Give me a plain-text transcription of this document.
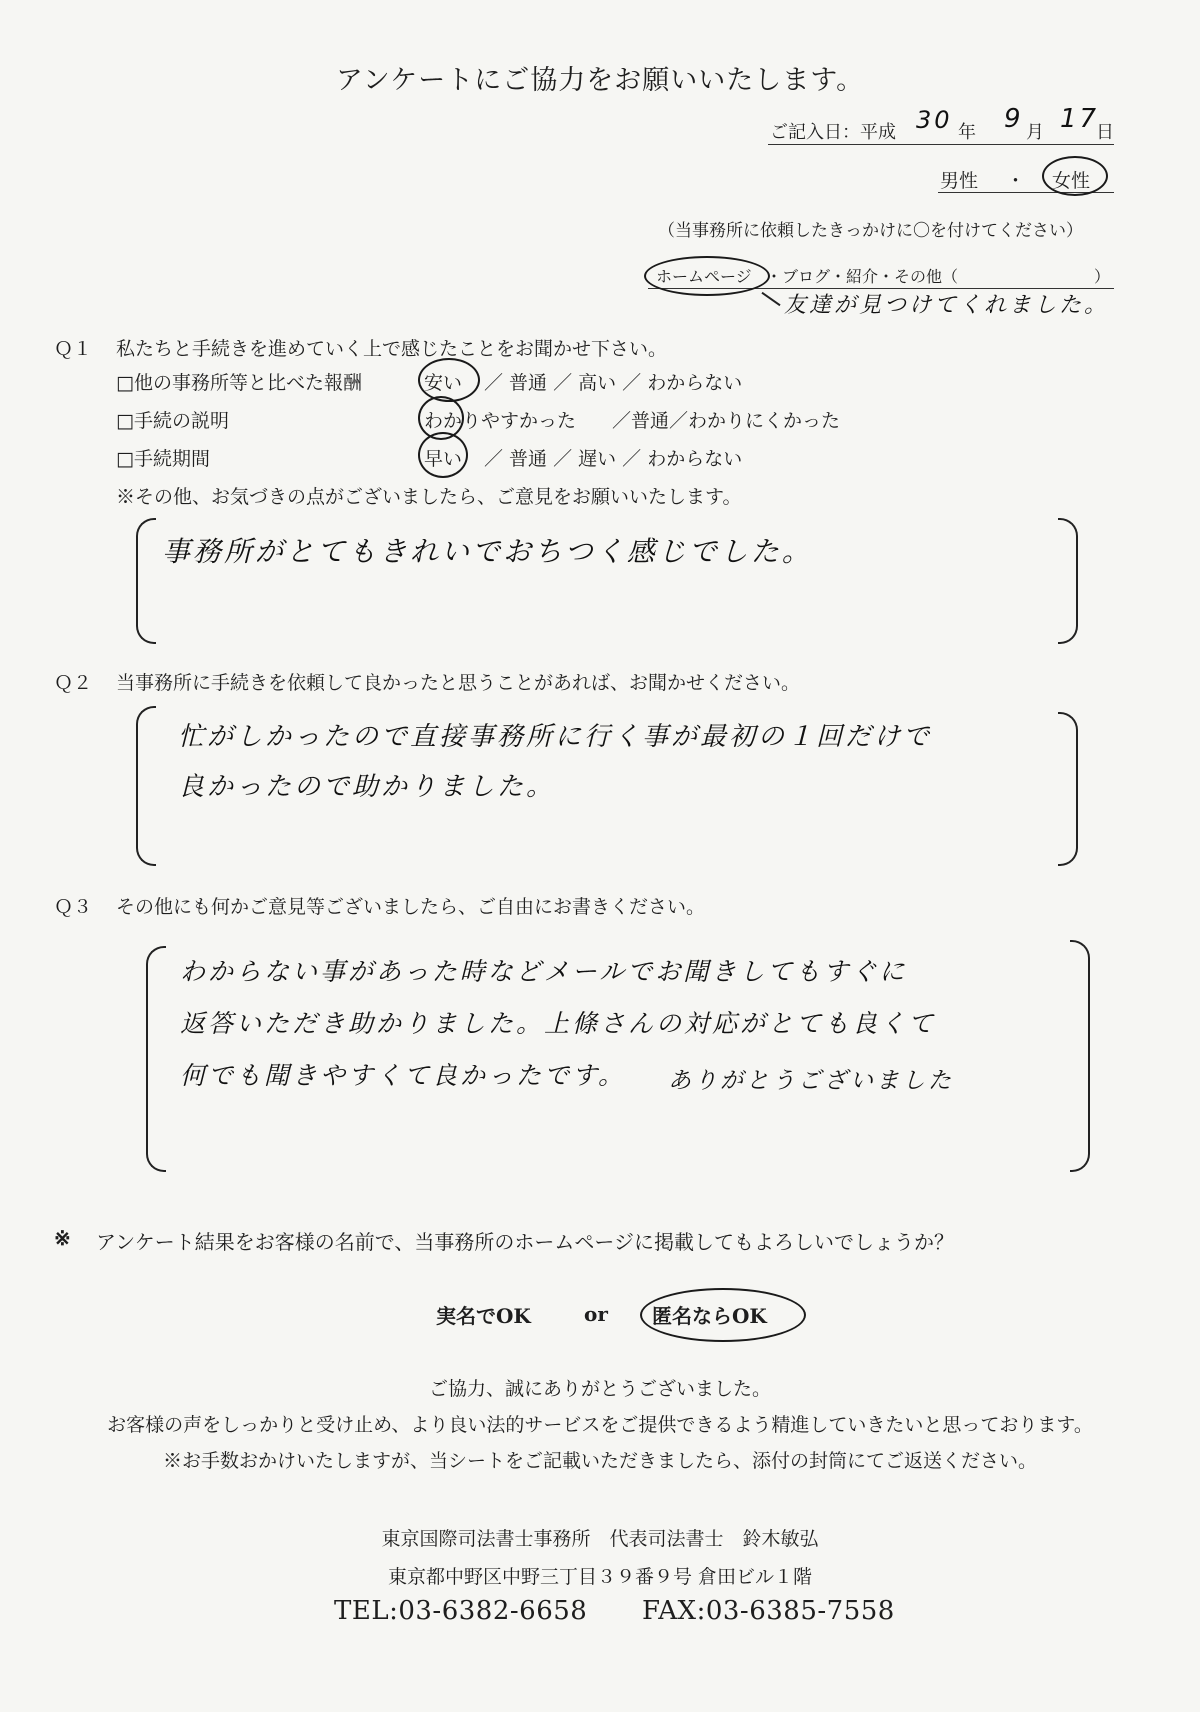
アンケートにご協力をお願いいたします。
ご記入日：平成 30 年 9 月 17
日
男性 ・ 女性
（当事務所に依頼したきっかけに〇を付けてください）
ホームページ ・ブログ・紹介・その他（	）
友達が見つけてくれました。
Ｑ１ 私たちと手続きを進めていく上で感じたことをお聞かせ下さい。
□他の事務所等と比べた報酬	安い ／ 普通 ／ 高い ／ わからない
□手続の説明	わかりやすかった ／普通／わかりにくかった
□手続期間	早い ／ 普通 ／ 遅い ／ わからない
※その他、お気づきの点がございましたら、ご意見をお願いいたします。
事務所がとてもきれいでおちつく感じでした。
Ｑ２ 当事務所に手続きを依頼して良かったと思うことがあれば、お聞かせください。
忙がしかったので直接事務所に行く事が最初の１回だけで
良かったので助かりました。
Ｑ３ その他にも何かご意見等ございましたら、ご自由にお書きください。
わからない事があった時などメールでお聞きしてもすぐに
返答いただき助かりました。上條さんの対応がとても良くて
何でも聞きやすくて良かったです。 ありがとうございました
※ アンケート結果をお客様の名前で、当事務所のホームページに掲載してもよろしいでしょうか？
実名でOK	or 匿名ならOK
ご協力、誠にありがとうございました。
お客様の声をしっかりと受け止め、より良い法的サービスをご提供できるよう精進していきたいと思っております。
※お手数おかけいたしますが、当シートをご記載いただきましたら、添付の封筒にてご返送ください。
東京国際司法書士事務所　代表司法書士　鈴木敏弘
東京都中野区中野三丁目３９番９号 倉田ビル１階
TEL:03-6382-6658 FAX:03-6385-7558
